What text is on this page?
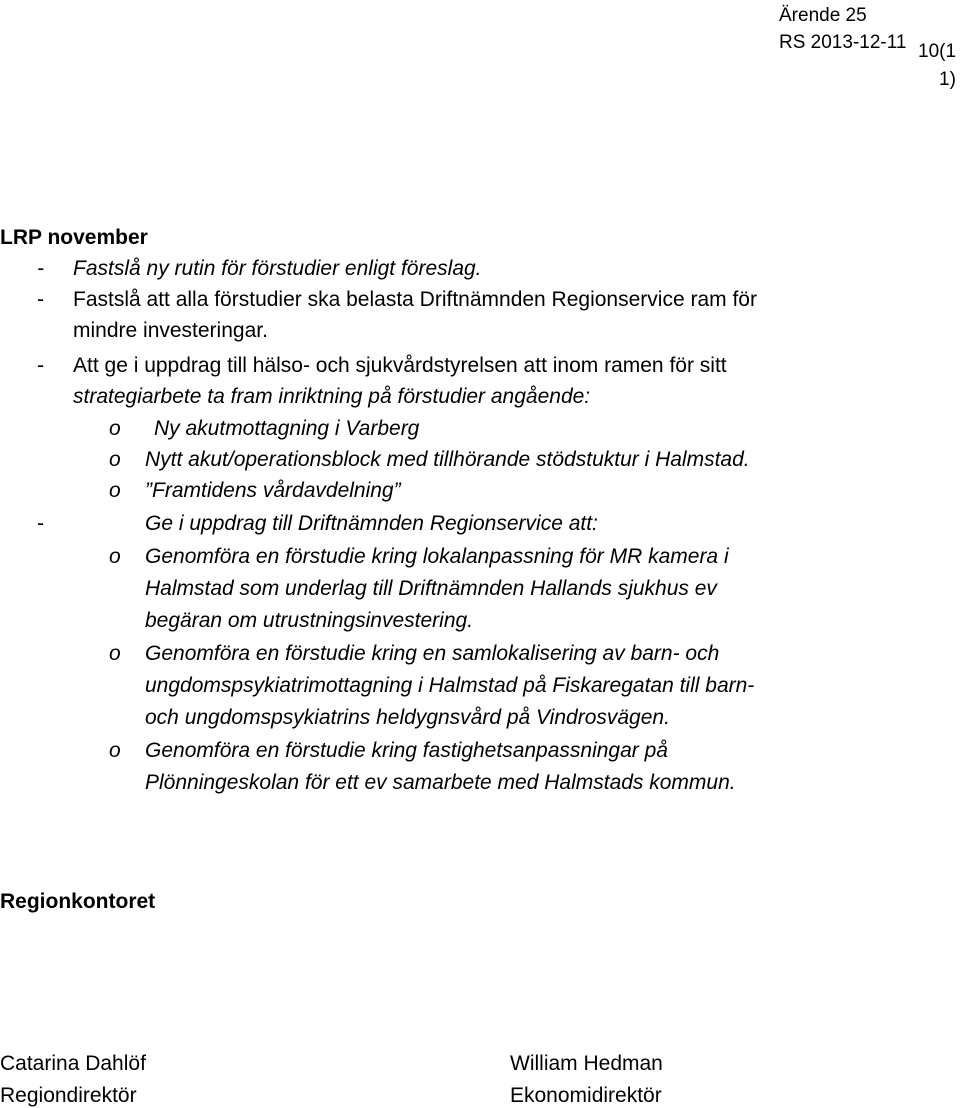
Ärende 25
RS 2013-12-11 10(1
1)
LRP november
- Fastslå ny rutin för förstudier enligt föreslag.
- Fastslå att alla förstudier ska belasta Driftnämnden Regionservice ram för
mindre investeringar.
- Att ge i uppdrag till hälso- och sjukvårdstyrelsen att inom ramen för sitt
strategiarbete ta fram inriktning på förstudier angående:
o Ny akutmottagning i Varberg
o Nytt akut/operationsblock med tillhörande stödstuktur i Halmstad.
o ”Framtidens vårdavdelning”
-	Ge i uppdrag till Driftnämnden Regionservice att:
o Genomföra en förstudie kring lokalanpassning för MR kamera i
Halmstad som underlag till Driftnämnden Hallands sjukhus ev
begäran om utrustningsinvestering.
o Genomföra en förstudie kring en samlokalisering av barn- och
ungdomspsykiatrimottagning i Halmstad på Fiskaregatan till barn-
och ungdomspsykiatrins heldygnsvård på Vindrosvägen.
o Genomföra en förstudie kring fastighetsanpassningar på
Plönningeskolan för ett ev samarbete med Halmstads kommun.
Regionkontoret
Catarina Dahlöf
Regiondirektör
William Hedman
Ekonomidirektör
